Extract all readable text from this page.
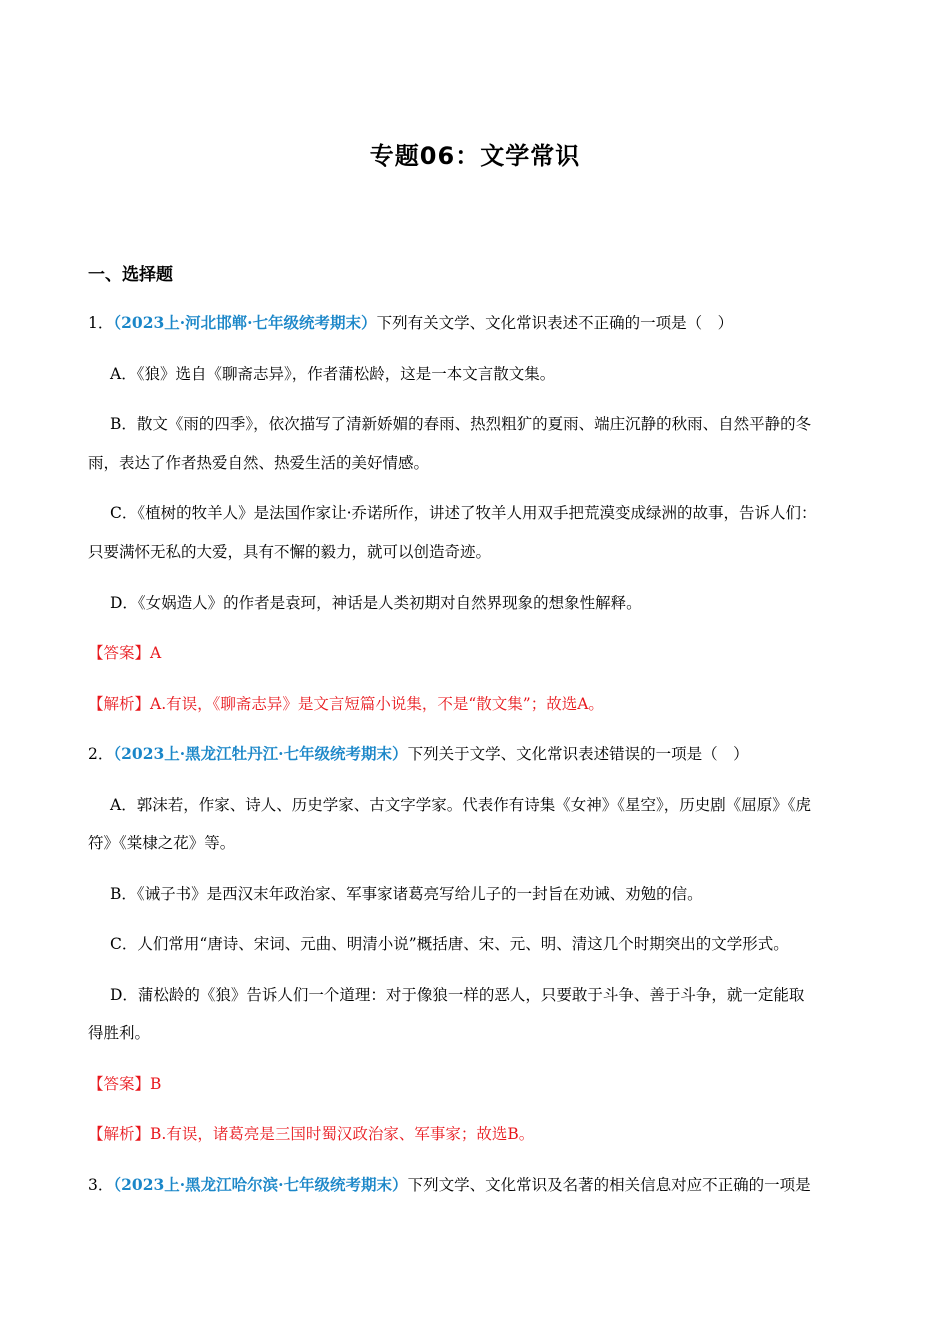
专题06：文学常识
一、选择题
1．（2023上·河北邯郸·七年级统考期末）下列有关文学、文化常识表述不正确的一项是（　）
A．《狼》选自《聊斋志异》，作者蒲松龄，这是一本文言散文集。
B．散文《雨的四季》，依次描写了清新娇媚的春雨、热烈粗犷的夏雨、端庄沉静的秋雨、自然平静的冬
雨，表达了作者热爱自然、热爱生活的美好情感。
C．《植树的牧羊人》是法国作家让·乔诺所作，讲述了牧羊人用双手把荒漠变成绿洲的故事，告诉人们：
只要满怀无私的大爱，具有不懈的毅力，就可以创造奇迹。
D．《女娲造人》的作者是袁珂，神话是人类初期对自然界现象的想象性解释。
【答案】A
【解析】A.有误，《聊斋志异》是文言短篇小说集，不是“散文集”；故选A。
2．（2023上·黑龙江牡丹江·七年级统考期末）下列关于文学、文化常识表述错误的一项是（　）
A．郭沫若，作家、诗人、历史学家、古文字学家。代表作有诗集《女神》《星空》，历史剧《屈原》《虎
符》《棠棣之花》等。
B．《诫子书》是西汉末年政治家、军事家诸葛亮写给儿子的一封旨在劝诫、劝勉的信。
C．人们常用“唐诗、宋词、元曲、明清小说”概括唐、宋、元、明、清这几个时期突出的文学形式。
D．蒲松龄的《狼》告诉人们一个道理：对于像狼一样的恶人，只要敢于斗争、善于斗争，就一定能取
得胜利。
【答案】B
【解析】B.有误，诸葛亮是三国时蜀汉政治家、军事家；故选B。
3．（2023上·黑龙江哈尔滨·七年级统考期末）下列文学、文化常识及名著的相关信息对应不正确的一项是
